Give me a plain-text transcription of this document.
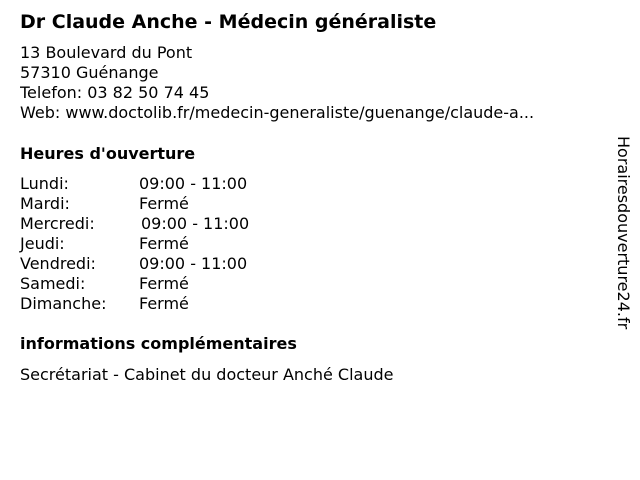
Dr Claude Anche - Médecin généraliste
13 Boulevard du Pont
57310 Guénange
Telefon: 03 82 50 74 45
Web: www.doctolib.fr/medecin-generaliste/guenange/claude-a...
Heures d'ouverture
Lundi:	09:00 - 11:00
Mardi:	Fermé
Mercredi:	09:00 - 11:00
Jeudi:	Fermé
Vendredi:	09:00 - 11:00
Samedi:	Fermé
Dimanche: Fermé
informations complémentaires
Secrétariat - Cabinet du docteur Anché Claude
Horairesdouverture24.fr
